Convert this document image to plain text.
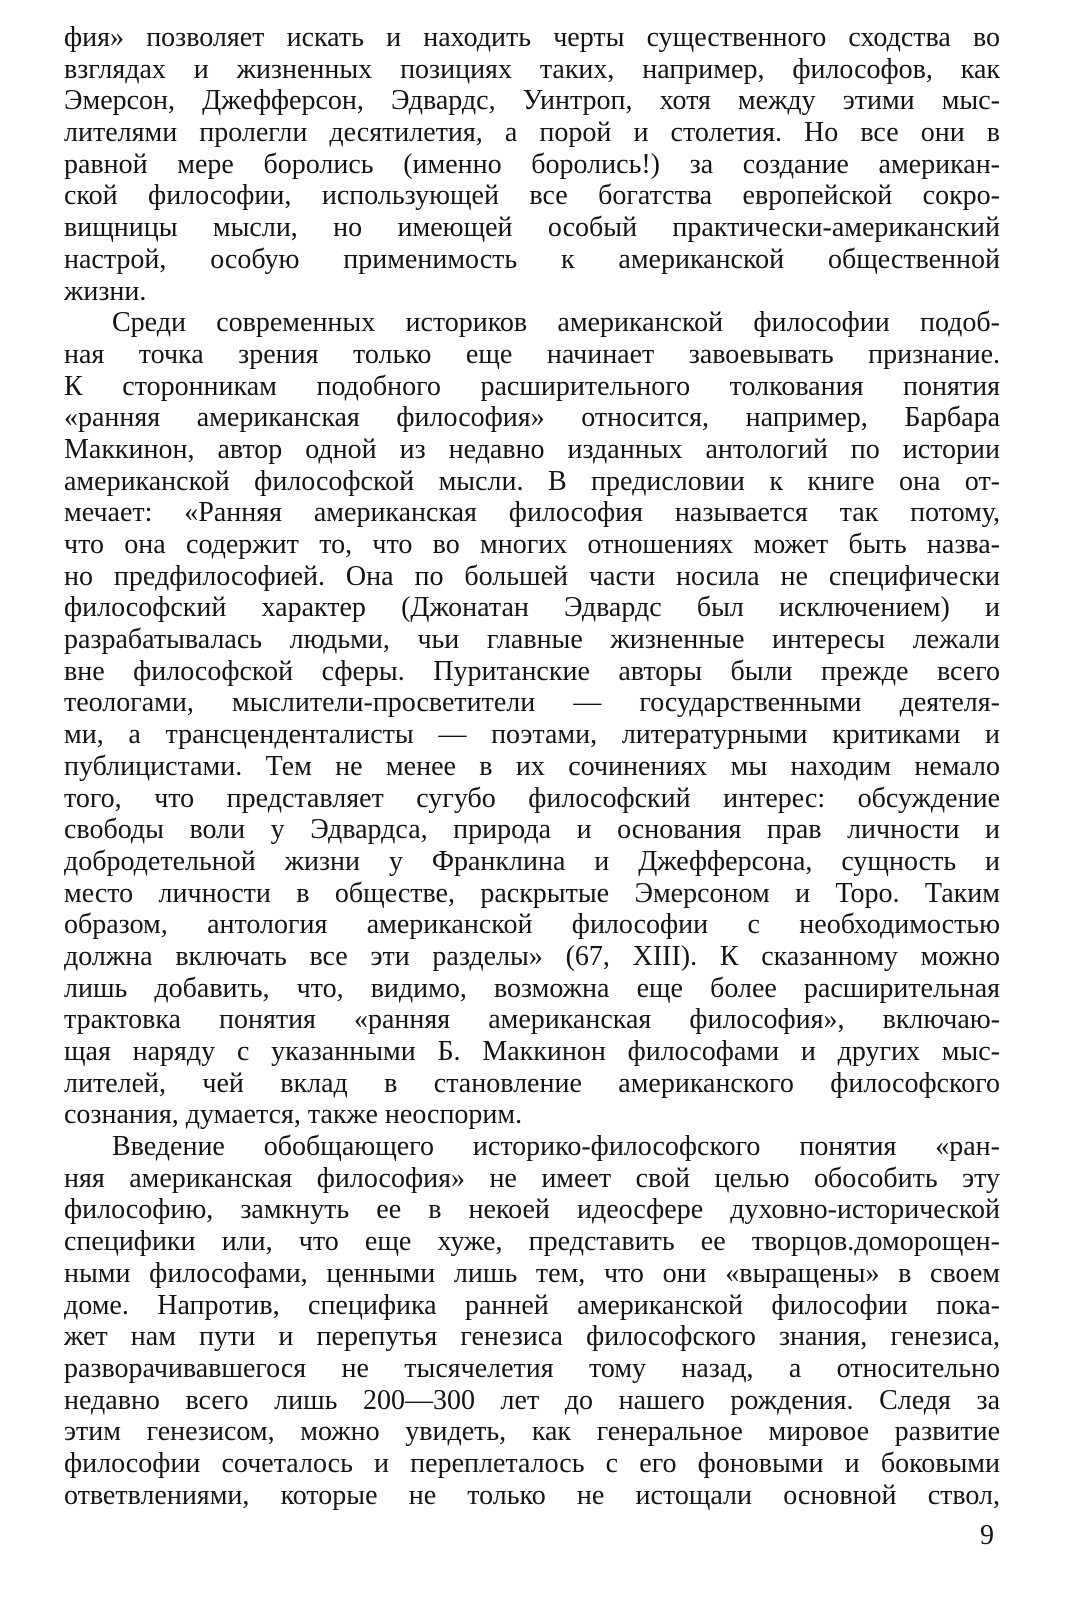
фия» позволяет искать и находить черты существенного сходства во
взглядах и жизненных позициях таких, например, философов, как
Эмерсон, Джефферсон, Эдвардс, Уинтроп, хотя между этими мыс-
лителями пролегли десятилетия, а порой и столетия. Но все они в
равной мере боролись (именно боролись!) за создание американ-
ской философии, использующей все богатства европейской сокро-
вищницы мысли, но имеющей особый практически-американский
настрой, особую применимость к американской общественной
жизни.

Среди современных историков американской философии подоб-
ная точка зрения только еще начинает завоевывать признание.
К сторонникам подобного расширительного толкования понятия
«ранняя американская философия» относится, например, Барбара
Маккинон, автор одной из недавно изданных антологий по истории
американской философской мысли. В предисловии к книге она от-
мечает: «Ранняя американская философия называется так потому,
что она содержит то, что во многих отношениях может быть назва-
но предфилософией. Она по большей части носила не специфически
философский характер (Джонатан Эдвардс был исключением) и
разрабатывалась людьми, чьи главные жизненные интересы лежали
вне философской сферы. Пуританские авторы были прежде всего
теологами, мыслители-просветители — государственными деятеля-
ми, а трансценденталисты — поэтами, литературными критиками и
публицистами. Тем не менее в их сочинениях мы находим немало
того, что представляет сугубо философский интерес: обсуждение
свободы воли у Эдвардса, природа и основания прав личности и
добродетельной жизни у Франклина и Джефферсона, сущность и
место личности в обществе, раскрытые Эмерсоном и Торо. Таким
образом, антология американской философии с необходимостью
должна включать все эти разделы» (67, XIII). К сказанному можно
лишь добавить, что, видимо, возможна еще более расширительная
трактовка понятия «ранняя американская философия», включаю-
щая наряду с указанными Б. Маккинон философами и других мыс-
лителей, чей вклад в становление американского философского
сознания, думается, также неоспорим.

Введение обобщающего историко-философского понятия «ран-
няя американская философия» не имеет свой целью обособить эту
философию, замкнуть ее в некоей идеосфере духовно-исторической
специфики или, что еще хуже, представить ее творцов.доморощен-
ными философами, ценными лишь тем, что они «выращены» в своем
доме. Напротив, специфика ранней американской философии пока-
жет нам пути и перепутья генезиса философского знания, генезиса,
разворачивавшегося не тысячелетия тому назад, а относительно
недавно всего лишь 200—300 лет до нашего рождения. Следя за
этим генезисом, можно увидеть, как генеральное мировое развитие
философии сочеталось и переплеталось с его фоновыми и боковыми
ответвлениями, которые не только не истощали основной ствол,

9
